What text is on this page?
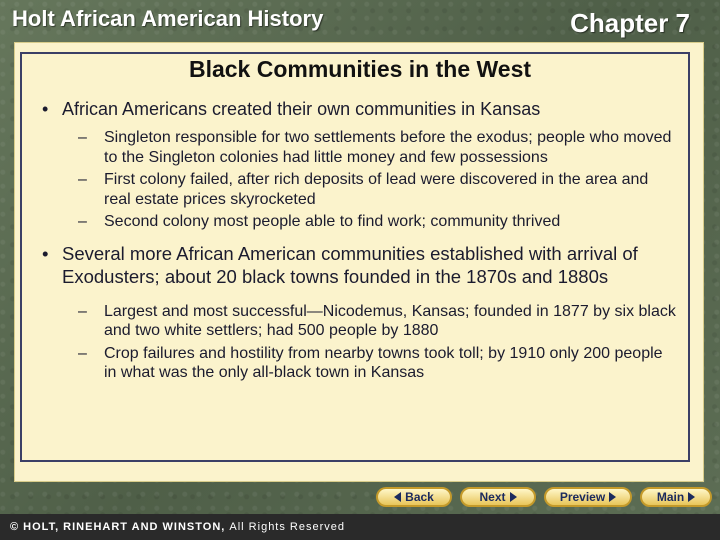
Holt African American History	Chapter 7
Black Communities in the West
• African Americans created their own communities in Kansas
– Singleton responsible for two settlements before the exodus; people who moved to the Singleton colonies had little money and few possessions
– First colony failed, after rich deposits of lead were discovered in the area and real estate prices skyrocketed
– Second colony most people able to find work; community thrived
• Several more African American communities established with arrival of Exodusters; about 20 black towns founded in the 1870s and 1880s
– Largest and most successful—Nicodemus, Kansas; founded in 1877 by six black and two white settlers; had 500 people by 1880
– Crop failures and hostility from nearby towns took toll; by 1910 only 200 people in what was the only all-black town in Kansas
Back	Next	Preview	Main
© HOLT, RINEHART AND WINSTON,
All Rights Reserved
